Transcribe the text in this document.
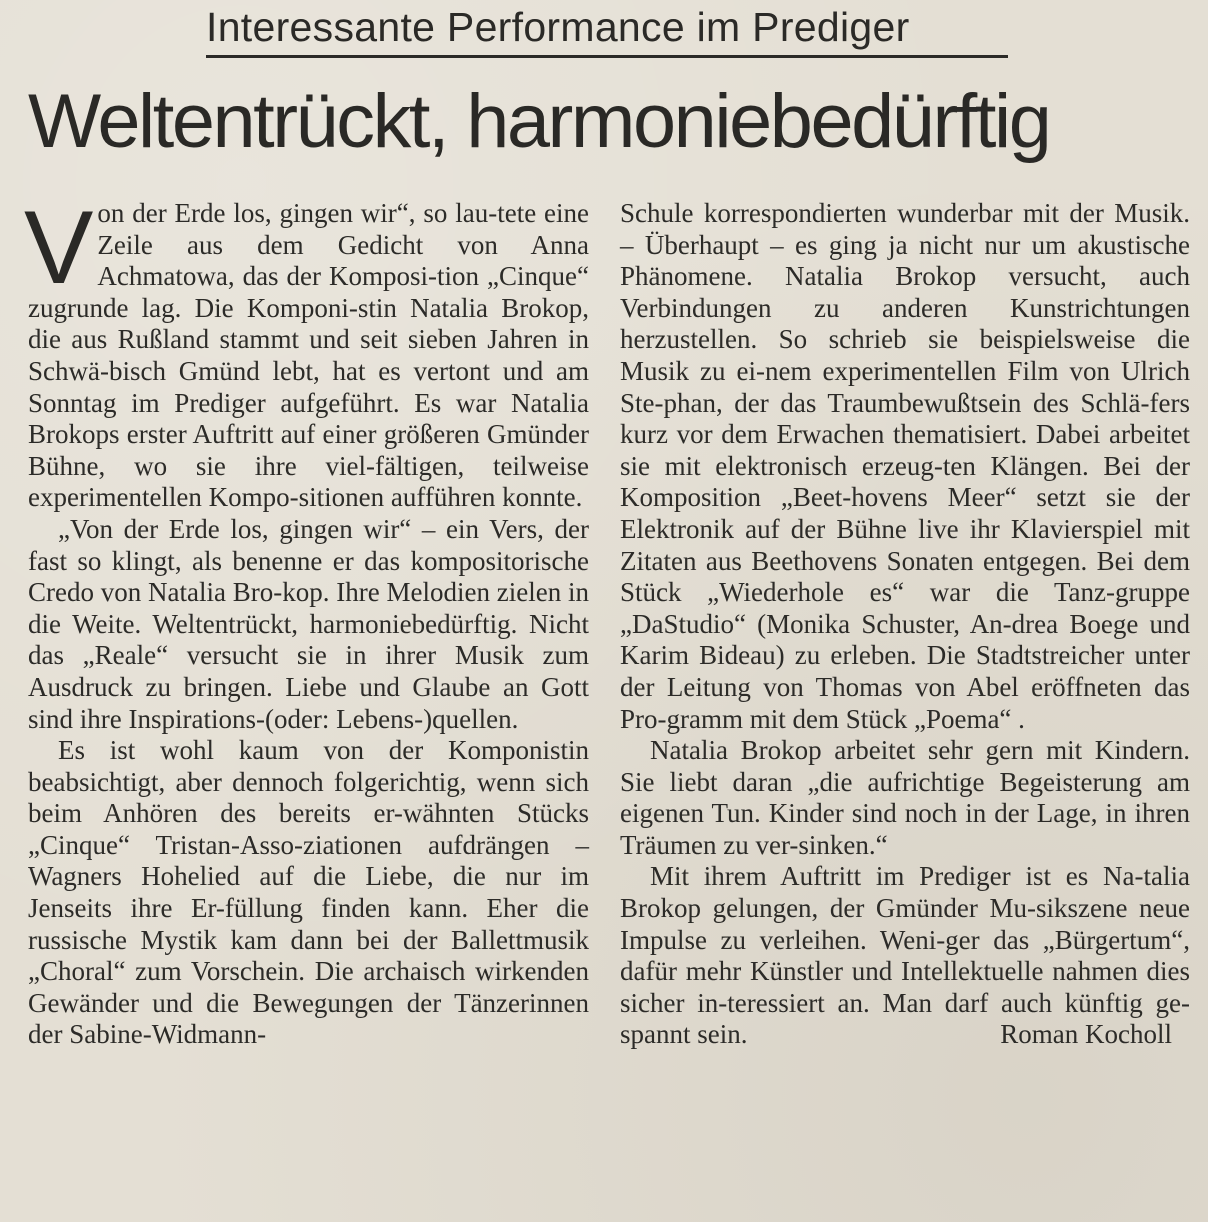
Interessante Performance im Prediger
Weltentrückt, harmoniebedürftig

Von der Erde los, gingen wir“, so lau-tete eine Zeile aus dem Gedicht von Anna Achmatowa, das der Komposi-tion „Cinque“ zugrunde lag. Die Komponi-stin Natalia Brokop, die aus Rußland stammt und seit sieben Jahren in Schwä-bisch Gmünd lebt, hat es vertont und am Sonntag im Prediger aufgeführt. Es war Natalia Brokops erster Auftritt auf einer größeren Gmünder Bühne, wo sie ihre viel-fältigen, teilweise experimentellen Kompo-sitionen aufführen konnte.

„Von der Erde los, gingen wir“ – ein Vers, der fast so klingt, als benenne er das kompositorische Credo von Natalia Bro-kop. Ihre Melodien zielen in die Weite. Weltentrückt, harmoniebedürftig. Nicht das „Reale“ versucht sie in ihrer Musik zum Ausdruck zu bringen. Liebe und Glaube an Gott sind ihre Inspirations-(oder: Lebens-)quellen.

Es ist wohl kaum von der Komponistin beabsichtigt, aber dennoch folgerichtig, wenn sich beim Anhören des bereits er-wähnten Stücks „Cinque“ Tristan-Asso-ziationen aufdrängen – Wagners Hohelied auf die Liebe, die nur im Jenseits ihre Er-füllung finden kann. Eher die russische Mystik kam dann bei der Ballettmusik „Choral“ zum Vorschein. Die archaisch wirkenden Gewänder und die Bewegungen der Tänzerinnen der Sabine-Widmann-

Schule korrespondierten wunderbar mit der Musik. – Überhaupt – es ging ja nicht nur um akustische Phänomene. Natalia Brokop versucht, auch Verbindungen zu anderen Kunstrichtungen herzustellen. So schrieb sie beispielsweise die Musik zu ei-nem experimentellen Film von Ulrich Ste-phan, der das Traumbewußtsein des Schlä-fers kurz vor dem Erwachen thematisiert. Dabei arbeitet sie mit elektronisch erzeug-ten Klängen. Bei der Komposition „Beet-hovens Meer“ setzt sie der Elektronik auf der Bühne live ihr Klavierspiel mit Zitaten aus Beethovens Sonaten entgegen. Bei dem Stück „Wiederhole es“ war die Tanz-gruppe „DaStudio“ (Monika Schuster, An-drea Boege und Karim Bideau) zu erleben. Die Stadtstreicher unter der Leitung von Thomas von Abel eröffneten das Pro-gramm mit dem Stück „Poema“ .

Natalia Brokop arbeitet sehr gern mit Kindern. Sie liebt daran „die aufrichtige Begeisterung am eigenen Tun. Kinder sind noch in der Lage, in ihren Träumen zu ver-sinken.“

Mit ihrem Auftritt im Prediger ist es Na-talia Brokop gelungen, der Gmünder Mu-sikszene neue Impulse zu verleihen. Weni-ger das „Bürgertum“, dafür mehr Künstler und Intellektuelle nahmen dies sicher in-teressiert an. Man darf auch künftig ge-spannt sein.	Roman Kocholl
